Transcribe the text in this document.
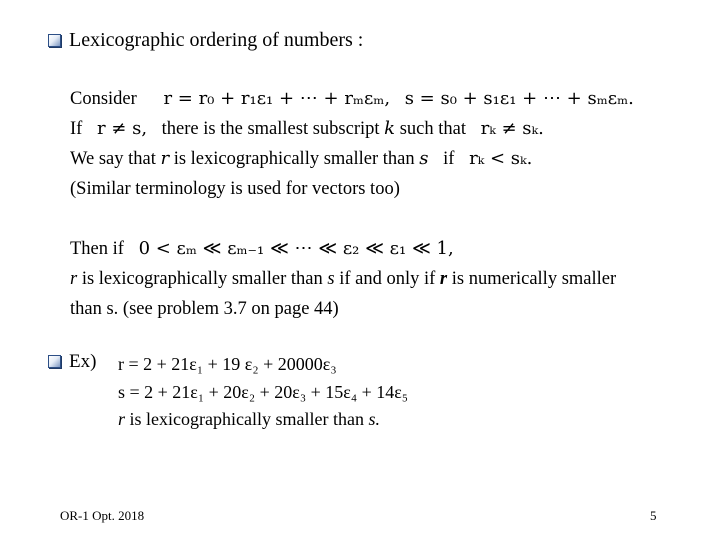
Lexicographic ordering of numbers :
Consider r = r₀ + r₁ε₁ + ⋯ + rₘεₘ, s = s₀ + s₁ε₁ + ⋯ + sₘεₘ.
If r ≠ s, there is the smallest subscript k such that rₖ ≠ sₖ.
We say that r is lexicographically smaller than s if rₖ < sₖ.
(Similar terminology is used for vectors too)
Then if 0 < εₘ ≪ εₘ₋₁ ≪ ⋯ ≪ ε₂ ≪ ε₁ ≪ 1,
r is lexicographically smaller than s if and only if r is numerically smaller
than s. (see problem 3.7 on page 44)
Ex) r = 2 + 21ε₁ + 19 ε₂ + 20000ε₃
s = 2 + 21ε₁ + 20ε₂ + 20ε₃ + 15ε₄ + 14ε₅
r is lexicographically smaller than s.
OR-1 Opt. 2018	5
